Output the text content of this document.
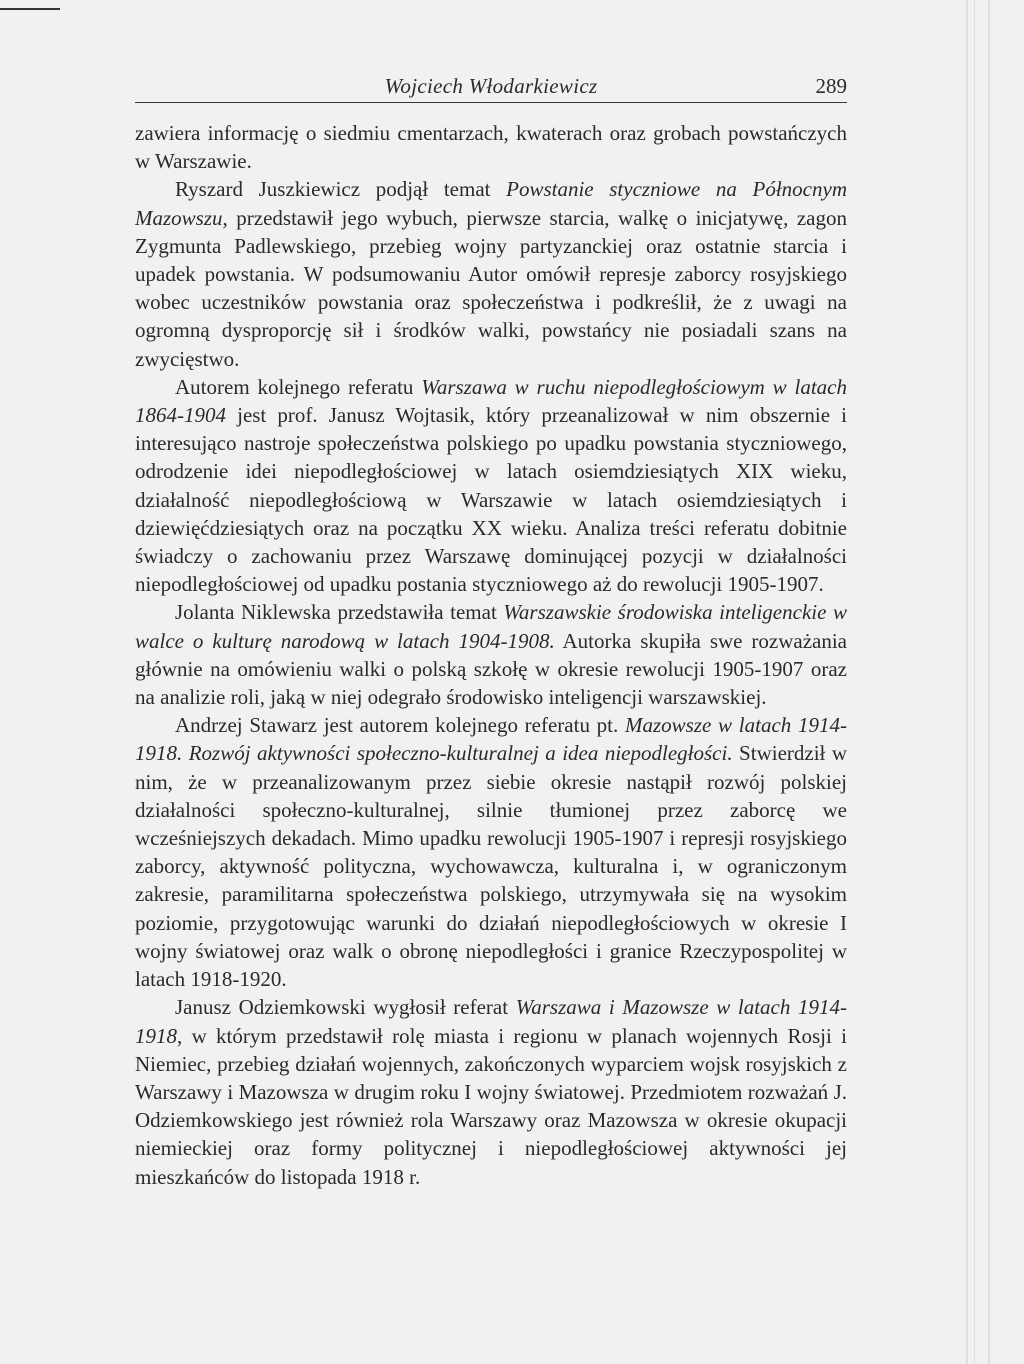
Wojciech Włodarkiewicz	289

zawiera informację o siedmiu cmentarzach, kwaterach oraz grobach powstańczych w Warszawie.

Ryszard Juszkiewicz podjął temat Powstanie styczniowe na Północnym Mazowszu, przedstawił jego wybuch, pierwsze starcia, walkę o inicjatywę, zagon Zygmunta Padlewskiego, przebieg wojny partyzanckiej oraz ostatnie starcia i upadek powstania. W podsumowaniu Autor omówił represje zaborcy rosyjskiego wobec uczestników powstania oraz społeczeństwa i podkreślił, że z uwagi na ogromną dysproporcję sił i środków walki, powstańcy nie posiadali szans na zwycięstwo.

Autorem kolejnego referatu Warszawa w ruchu niepodległościowym w latach 1864-1904 jest prof. Janusz Wojtasik, który przeanalizował w nim obszernie i interesująco nastroje społeczeństwa polskiego po upadku powstania styczniowego, odrodzenie idei niepodległościowej w latach osiemdziesiątych XIX wieku, działalność niepodległościową w Warszawie w latach osiemdziesiątych i dziewięćdziesiątych oraz na początku XX wieku. Analiza treści referatu dobitnie świadczy o zachowaniu przez Warszawę dominującej pozycji w działalności niepodległościowej od upadku postania styczniowego aż do rewolucji 1905-1907.

Jolanta Niklewska przedstawiła temat Warszawskie środowiska inteligenckie w walce o kulturę narodową w latach 1904-1908. Autorka skupiła swe rozważania głównie na omówieniu walki o polską szkołę w okresie rewolucji 1905-1907 oraz na analizie roli, jaką w niej odegrało środowisko inteligencji warszawskiej.

Andrzej Stawarz jest autorem kolejnego referatu pt. Mazowsze w latach 1914-1918. Rozwój aktywności społeczno-kulturalnej a idea niepodległości. Stwierdził w nim, że w przeanalizowanym przez siebie okresie nastąpił rozwój polskiej działalności społeczno-kulturalnej, silnie tłumionej przez zaborcę we wcześniejszych dekadach. Mimo upadku rewolucji 1905-1907 i represji rosyjskiego zaborcy, aktywność polityczna, wychowawcza, kulturalna i, w ograniczonym zakresie, paramilitarna społeczeństwa polskiego, utrzymywała się na wysokim poziomie, przygotowując warunki do działań niepodległościowych w okresie I wojny światowej oraz walk o obronę niepodległości i granice Rzeczypospolitej w latach 1918-1920.

Janusz Odziemkowski wygłosił referat Warszawa i Mazowsze w latach 1914-1918, w którym przedstawił rolę miasta i regionu w planach wojennych Rosji i Niemiec, przebieg działań wojennych, zakończonych wyparciem wojsk rosyjskich z Warszawy i Mazowsza w drugim roku I wojny światowej. Przedmiotem rozważań J. Odziemkowskiego jest również rola Warszawy oraz Mazowsza w okresie okupacji niemieckiej oraz formy politycznej i niepodległościowej aktywności jej mieszkańców do listopada 1918 r.
